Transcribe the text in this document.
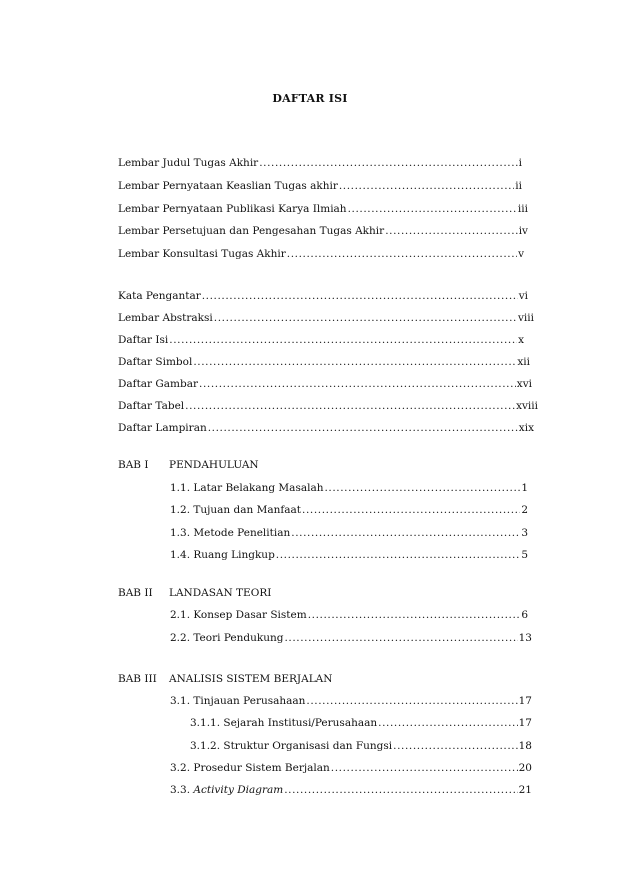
DAFTAR ISI
Lembar Judul Tugas Akhir .....	i
Lembar Pernyataan Keaslian Tugas akhir .....	ii
Lembar Pernyataan Publikasi Karya Ilmiah .....	iii
Lembar Persetujuan dan Pengesahan Tugas Akhir .....	iv
Lembar Konsultasi Tugas Akhir .....	v
Kata Pengantar .....	vi
Lembar Abstraksi .....	viii
Daftar Isi .....	x
Daftar Simbol .....	xii
Daftar Gambar .....	xvi
Daftar Tabel .....	xviii
Daftar Lampiran .....	xix
BAB I PENDAHULUAN
1.1. Latar Belakang Masalah .....	1
1.2. Tujuan dan Manfaat .....	2
1.3. Metode Penelitian .....	3
1.4. Ruang Lingkup .....	5
BAB II LANDASAN TEORI
2.1. Konsep Dasar Sistem .....	6
2.2. Teori Pendukung .....	13
BAB III ANALISIS SISTEM BERJALAN
3.1. Tinjauan Perusahaan .....	17
3.1.1. Sejarah Institusi/Perusahaan .....	17
3.1.2. Struktur Organisasi dan Fungsi .....	18
3.2. Prosedur Sistem Berjalan .....	20
3.3. Activity Diagram .....	21
